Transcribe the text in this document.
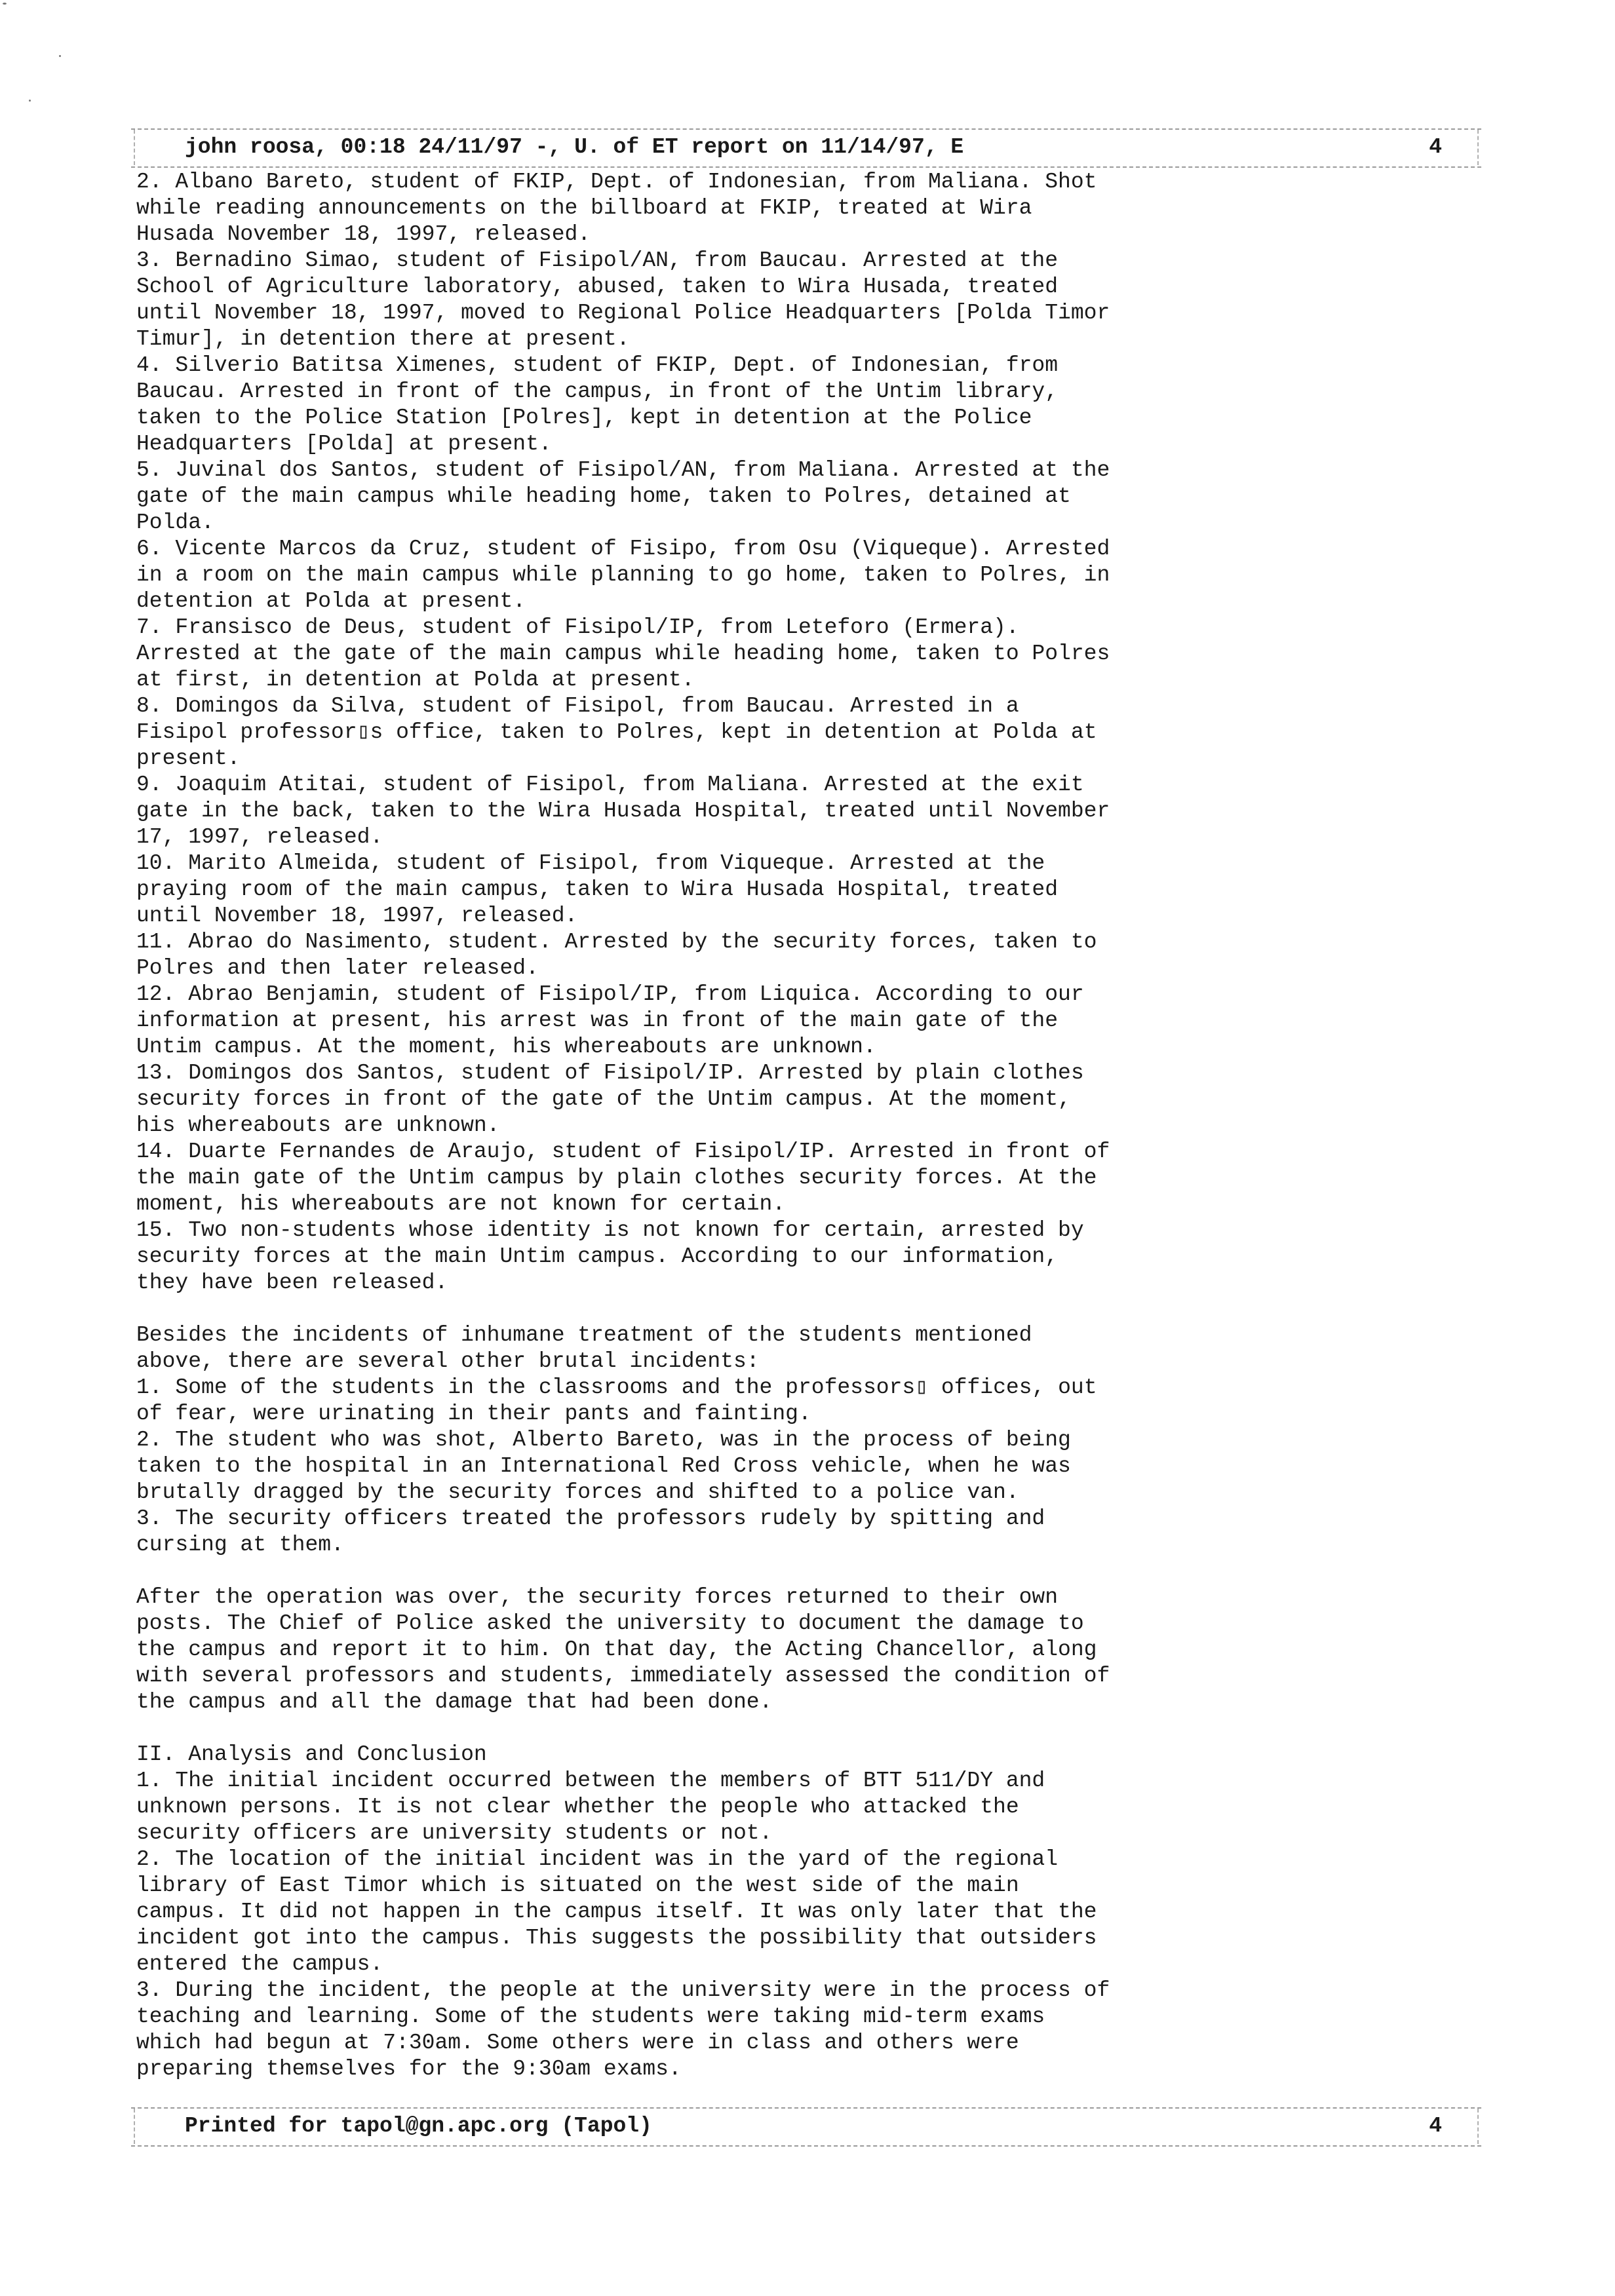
john roosa, 00:18 24/11/97 -, U. of ET report on 11/14/97, E	4

2. Albano Bareto, student of FKIP, Dept. of Indonesian, from Maliana. Shot

while reading announcements on the billboard at FKIP, treated at Wira

Husada November 18, 1997, released.

3. Bernadino Simao, student of Fisipol/AN, from Baucau. Arrested at the

School of Agriculture laboratory, abused, taken to Wira Husada, treated

until November 18, 1997, moved to Regional Police Headquarters [Polda Timor

Timur], in detention there at present.

4. Silverio Batitsa Ximenes, student of FKIP, Dept. of Indonesian, from

Baucau. Arrested in front of the campus, in front of the Untim library,

taken to the Police Station [Polres], kept in detention at the Police

Headquarters [Polda] at present.

5. Juvinal dos Santos, student of Fisipol/AN, from Maliana. Arrested at the

gate of the main campus while heading home, taken to Polres, detained at

Polda.

6. Vicente Marcos da Cruz, student of Fisipo, from Osu (Viqueque). Arrested

in a room on the main campus while planning to go home, taken to Polres, in

detention at Polda at present.

7. Fransisco de Deus, student of Fisipol/IP, from Leteforo (Ermera).

Arrested at the gate of the main campus while heading home, taken to Polres

at first, in detention at Polda at present.

8. Domingos da Silva, student of Fisipol, from Baucau. Arrested in a

Fisipol professor▯s office, taken to Polres, kept in detention at Polda at

present.

9. Joaquim Atitai, student of Fisipol, from Maliana. Arrested at the exit

gate in the back, taken to the Wira Husada Hospital, treated until November

17, 1997, released.

10. Marito Almeida, student of Fisipol, from Viqueque. Arrested at the

praying room of the main campus, taken to Wira Husada Hospital, treated

until November 18, 1997, released.

11. Abrao do Nasimento, student. Arrested by the security forces, taken to

Polres and then later released.

12. Abrao Benjamin, student of Fisipol/IP, from Liquica. According to our

information at present, his arrest was in front of the main gate of the

Untim campus. At the moment, his whereabouts are unknown.

13. Domingos dos Santos, student of Fisipol/IP. Arrested by plain clothes

security forces in front of the gate of the Untim campus. At the moment,

his whereabouts are unknown.

14. Duarte Fernandes de Araujo, student of Fisipol/IP. Arrested in front of

the main gate of the Untim campus by plain clothes security forces. At the

moment, his whereabouts are not known for certain.

15. Two non-students whose identity is not known for certain, arrested by

security forces at the main Untim campus. According to our information,

they have been released.

Besides the incidents of inhumane treatment of the students mentioned

above, there are several other brutal incidents:

1. Some of the students in the classrooms and the professors▯ offices, out

of fear, were urinating in their pants and fainting.

2. The student who was shot, Alberto Bareto, was in the process of being

taken to the hospital in an International Red Cross vehicle, when he was

brutally dragged by the security forces and shifted to a police van.

3. The security officers treated the professors rudely by spitting and

cursing at them.

After the operation was over, the security forces returned to their own

posts. The Chief of Police asked the university to document the damage to

the campus and report it to him. On that day, the Acting Chancellor, along

with several professors and students, immediately assessed the condition of

the campus and all the damage that had been done.

II. Analysis and Conclusion

1. The initial incident occurred between the members of BTT 511/DY and

unknown persons. It is not clear whether the people who attacked the

security officers are university students or not.

2. The location of the initial incident was in the yard of the regional

library of East Timor which is situated on the west side of the main

campus. It did not happen in the campus itself. It was only later that the

incident got into the campus. This suggests the possibility that outsiders

entered the campus.

3. During the incident, the people at the university were in the process of

teaching and learning. Some of the students were taking mid-term exams

which had begun at 7:30am. Some others were in class and others were

preparing themselves for the 9:30am exams.

Printed for tapol@gn.apc.org (Tapol)	4
